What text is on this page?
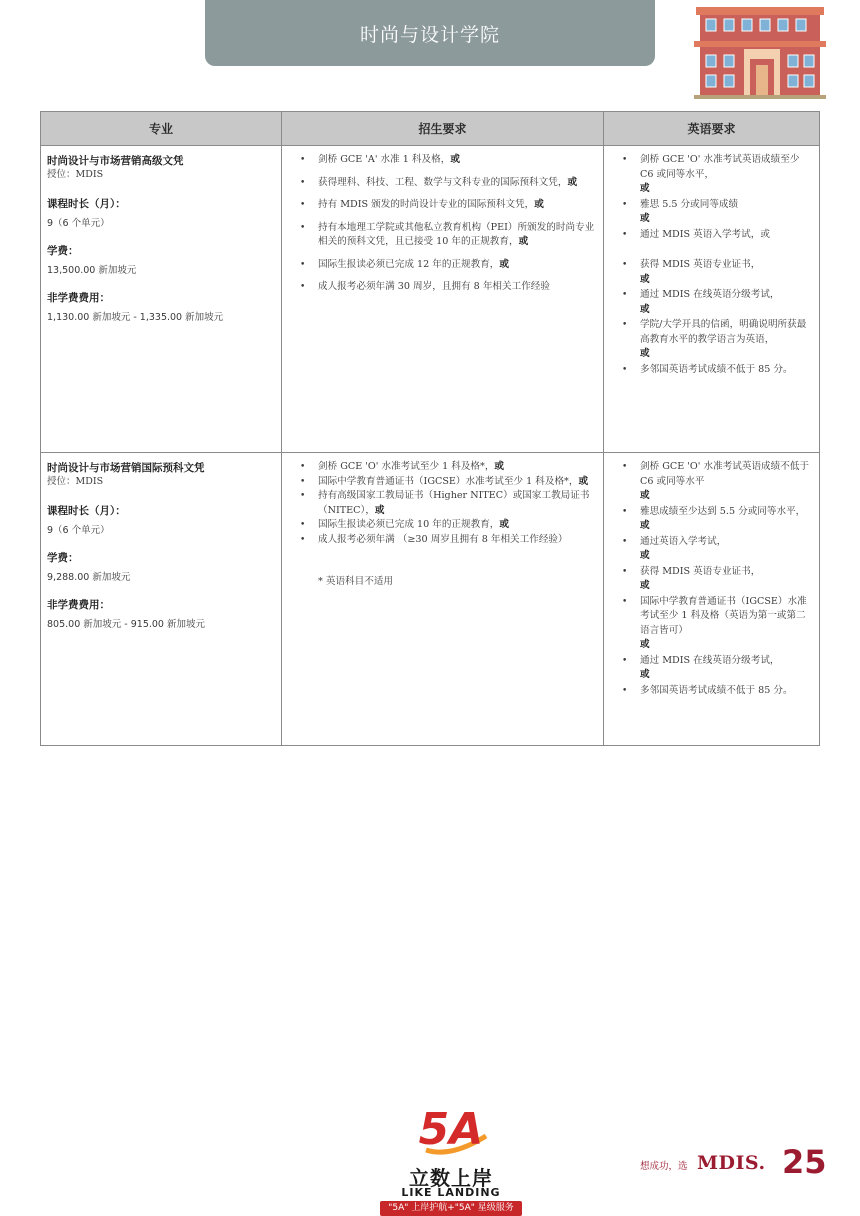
时尚与设计学院
专业	招生要求	英语要求
时尚设计与市场营销高级文凭
授位：MDIS
课程时长（月）：
9（6 个单元）
学费：
13,500.00 新加坡元
非学费费用：
1,130.00 新加坡元 - 1,335.00 新加坡元
• 剑桥 GCE 'A' 水准 1 科及格，或
• 获得理科、科技、工程、数学与文科专业的国际预科文凭，或
• 持有 MDIS 颁发的时尚设计专业的国际预科文凭，或
• 持有本地理工学院或其他私立教育机构（PEI）所颁发的时尚专业相关的预科文凭，且已接受 10 年的正规教育，或
• 国际生报读必须已完成 12 年的正规教育，或
• 成人报考必须年满 30 周岁，且拥有 8 年相关工作经验
• 剑桥 GCE 'O' 水准考试英语成绩至少 C6 或同等水平，
或
• 雅思 5.5 分或同等成绩
或
• 通过 MDIS 英语入学考试，或
• 获得 MDIS 英语专业证书，
或
• 通过 MDIS 在线英语分级考试，
或
• 学院/大学开具的信函，明确说明所获最高教育水平的教学语言为英语，
或
• 多邻国英语考试成绩不低于 85 分。
时尚设计与市场营销国际预科文凭
授位：MDIS
课程时长（月）：
9（6 个单元）
学费：
9,288.00 新加坡元
非学费费用：
805.00 新加坡元 - 915.00 新加坡元
• 剑桥 GCE 'O' 水准考试至少 1 科及格*，或
• 国际中学教育普通证书（IGCSE）水准考试至少 1 科及格*，或
• 持有高级国家工教局证书（Higher NITEC）或国家工教局证书（NITEC），或
• 国际生报读必须已完成 10 年的正规教育，或
• 成人报考必须年满 （≥30 周岁且拥有 8 年相关工作经验）
* 英语科目不适用
• 剑桥 GCE 'O' 水准考试英语成绩不低于 C6 或同等水平
或
• 雅思成绩至少达到 5.5 分或同等水平，
或
• 通过英语入学考试，
或
• 获得 MDIS 英语专业证书，
或
• 国际中学教育普通证书（IGCSE）水准考试至少 1 科及格（英语为第一或第二语言皆可）
或
• 通过 MDIS 在线英语分级考试，
或
• 多邻国英语考试成绩不低于 85 分。
5A
立数上岸
LIKE LANDING
"5A" 上岸护航+"5A" 星级服务
想成功，选 MDIS. 25
